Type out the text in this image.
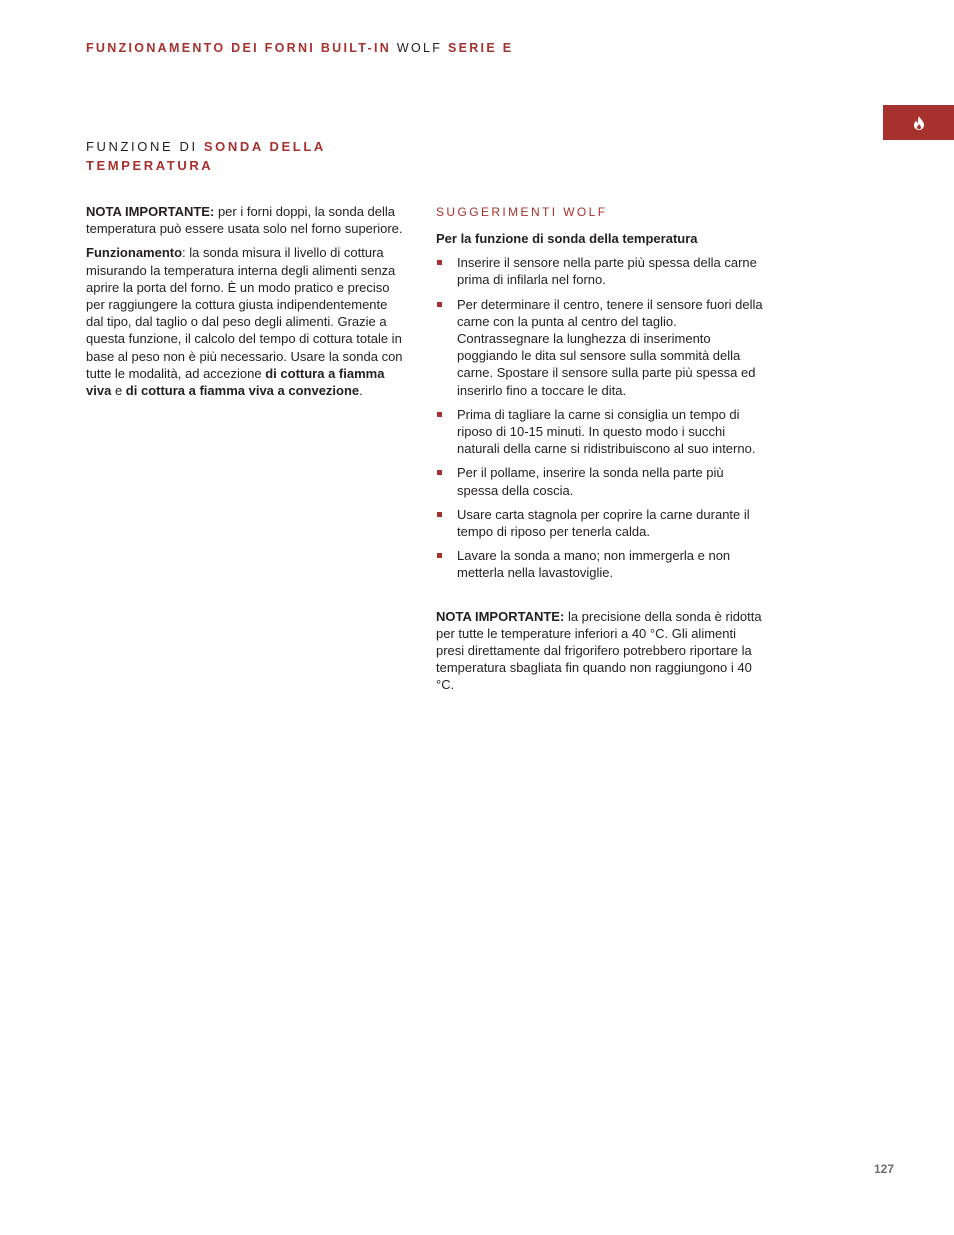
FUNZIONAMENTO DEI FORNI BUILT-IN WOLF SERIE E
FUNZIONE DI SONDA DELLA
TEMPERATURA

NOTA IMPORTANTE: per i forni doppi, la sonda della temperatura può essere usata solo nel forno superiore.

Funzionamento: la sonda misura il livello di cottura misurando la temperatura interna degli alimenti senza aprire la porta del forno. È un modo pratico e preciso per raggiungere la cottura giusta indipendentemente dal tipo, dal taglio o dal peso degli alimenti. Grazie a questa funzione, il calcolo del tempo di cottura totale in base al peso non è più necessario. Usare la sonda con tutte le modalità, ad accezione di cottura a fiamma viva e di cottura a fiamma viva a convezione.

SUGGERIMENTI WOLF
Per la funzione di sonda della temperatura
Inserire il sensore nella parte più spessa della carne prima di infilarla nel forno.
Per determinare il centro, tenere il sensore fuori della carne con la punta al centro del taglio. Contrassegnare la lunghezza di inserimento poggiando le dita sul sensore sulla sommità della carne. Spostare il sensore sulla parte più spessa ed inserirlo fino a toccare le dita.
Prima di tagliare la carne si consiglia un tempo di riposo di 10-15 minuti. In questo modo i succhi naturali della carne si ridistribuiscono al suo interno.
Per il pollame, inserire la sonda nella parte più spessa della coscia.
Usare carta stagnola per coprire la carne durante il tempo di riposo per tenerla calda.
Lavare la sonda a mano; non immergerla e non metterla nella lavastoviglie.

NOTA IMPORTANTE: la precisione della sonda è ridotta per tutte le temperature inferiori a 40 °C. Gli alimenti presi direttamente dal frigorifero potrebbero riportare la temperatura sbagliata fin quando non raggiungono i 40 °C.

127
